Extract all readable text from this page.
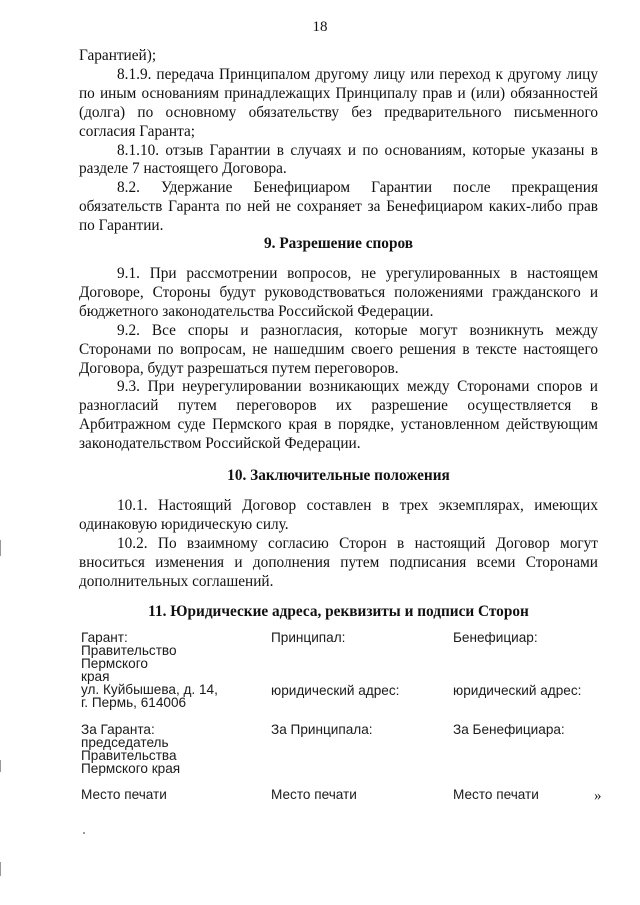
18

Гарантией);

8.1.9. передача Принципалом другому лицу или переход к другому лицу по иным основаниям принадлежащих Принципалу прав и (или) обязанностей (долга) по основному обязательству без предварительного письменного согласия Гаранта;

8.1.10. отзыв Гарантии в случаях и по основаниям, которые указаны в разделе 7 настоящего Договора.

8.2. Удержание Бенефициаром Гарантии после прекращения обязательств Гаранта по ней не сохраняет за Бенефициаром каких-либо прав по Гарантии.

9. Разрешение споров

9.1. При рассмотрении вопросов, не урегулированных в настоящем Договоре, Стороны будут руководствоваться положениями гражданского и бюджетного законодательства Российской Федерации.

9.2. Все споры и разногласия, которые могут возникнуть между Сторонами по вопросам, не нашедшим своего решения в тексте настоящего Договора, будут разрешаться путем переговоров.

9.3. При неурегулировании возникающих между Сторонами споров и разногласий путем переговоров их разрешение осуществляется в Арбитражном суде Пермского края в порядке, установленном действующим законодательством Российской Федерации.

10. Заключительные положения

10.1. Настоящий Договор составлен в трех экземплярах, имеющих одинаковую юридическую силу.

10.2. По взаимному согласию Сторон в настоящий Договор могут вноситься изменения и дополнения путем подписания всеми Сторонами дополнительных соглашений.

11. Юридические адреса, реквизиты и подписи Сторон
Гарант:
Правительство
Пермского
края
ул. Куйбышева, д. 14,
г. Пермь, 614006
За Гаранта:
председатель
Правительства
Пермского края
Место печати
Принципал:
юридический адрес:
За Принципала:
Место печати
Бенефициар:
юридический адрес:
За Бенефициара:
Место печати	»
